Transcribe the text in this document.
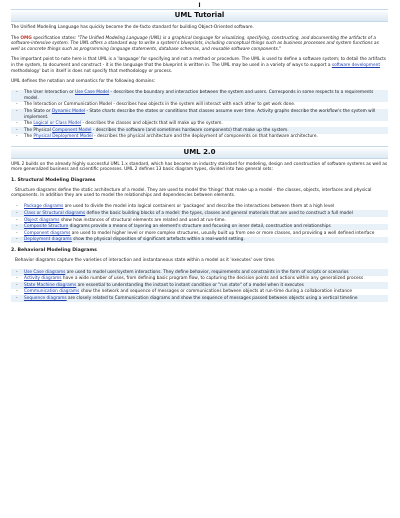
I
UML Tutorial

The Unified Modeling Language has quickly become the de-facto standard for building Object-Oriented software.

The OMG specification states: "The Unified Modeling Language (UML) is a graphical language for visualizing, specifying, constructing, and documenting the artifacts of a software-intensive system. The UML offers a standard way to write a system's blueprints, including conceptual things such as business processes and system functions as well as concrete things such as programming language statements, database schemas, and reusable software components."

The important point to note here is that UML is a 'language' for specifying and not a method or procedure. The UML is used to define a software system; to detail the artifacts in the system, to document and construct - it is the language that the blueprint is written in. The UML may be used in a variety of ways to support a software development methodology' but in itself is does not specify that methodology or process.

UML defines the notation and semantics for the following domains:

- The User Interaction or Use Case Model - describes the boundary and interaction between the system and users. Corresponds in some respects to a requirements model.
- The Interaction or Communication Model - describes how objects in the system will interact with each other to get work done.
- The State or Dynamic Model - State charts describe the states or conditions that classes assume over time. Activity graphs describe the workflow's the system will implement.
- The Logical or Class Model - describes the classes and objects that will make up the system.
- The Physical Component Model - describes the software (and sometimes hardware components) that make up the system.
- The Physical Deployment Model - describes the physical architecture and the deployment of components on that hardware architecture.
UML 2.0

UML 2 builds on the already highly successful UML 1.x standard, which has become an industry standard for modeling, design and construction of software systems as well as more generalized business and scientific processes. UML 2 defines 13 basic diagram types, divided into two general sets:

1. Structural Modeling Diagrams

Structure diagrams define the static architecture of a model. They are used to model the 'things' that make up a model - the classes, objects, interfaces and physical components. In addition they are used to model the relationships and dependencies between elements.

- Package diagrams are used to divide the model into logical containers or 'packages' and describe the interactions between them at a high level
- Class or Structural diagrams define the basic building blocks of a model: the types, classes and general materials that are used to construct a full model
- Object diagrams show how instances of structural elements are related and used at run-time.
- Composite Structure diagrams provide a means of layering an element's structure and focusing on inner detail, construction and relationships
- Component diagrams are used to model higher level or more complex structures, usually built up from one or more classes, and providing a well defined interface
- Deployment diagrams show the physical disposition of significant artefacts within a real-world setting.
2. Behavioral Modeling Diagrams

Behavior diagrams capture the varieties of interaction and instantaneous state within a model as it 'executes' over time.

- Use Case diagrams are used to model user/system interactions. They define behavior, requirements and constraints in the form of scripts or scenarios
- Activity diagrams have a wide number of uses, from defining basic program flow, to capturing the decision points and actions within any generalized process
- State Machine diagrams are essential to understanding the instant to instant condition or "run state" of a model when it executes
- Communication diagrams show the network and sequence of messages or communications between objects at run-time during a collaboration instance
- Sequence diagrams are closely related to Communication diagrams and show the sequence of messages passed between objects using a vertical timeline
